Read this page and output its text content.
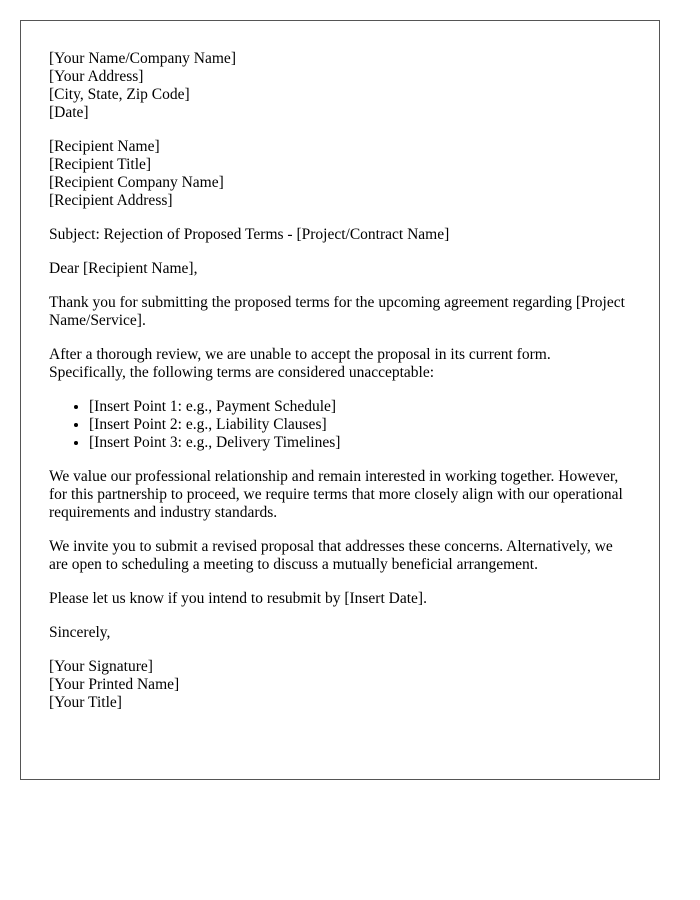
[Your Name/Company Name]
[Your Address]
[City, State, Zip Code]
[Date]
[Recipient Name]
[Recipient Title]
[Recipient Company Name]
[Recipient Address]

Subject: Rejection of Proposed Terms - [Project/Contract Name]

Dear [Recipient Name],

Thank you for submitting the proposed terms for the upcoming agreement regarding [Project Name/Service].

After a thorough review, we are unable to accept the proposal in its current form. Specifically, the following terms are considered unacceptable:

• [Insert Point 1: e.g., Payment Schedule]
• [Insert Point 2: e.g., Liability Clauses]
• [Insert Point 3: e.g., Delivery Timelines]

We value our professional relationship and remain interested in working together. However, for this partnership to proceed, we require terms that more closely align with our operational requirements and industry standards.

We invite you to submit a revised proposal that addresses these concerns. Alternatively, we are open to scheduling a meeting to discuss a mutually beneficial arrangement.

Please let us know if you intend to resubmit by [Insert Date].

Sincerely,

[Your Signature]
[Your Printed Name]
[Your Title]
